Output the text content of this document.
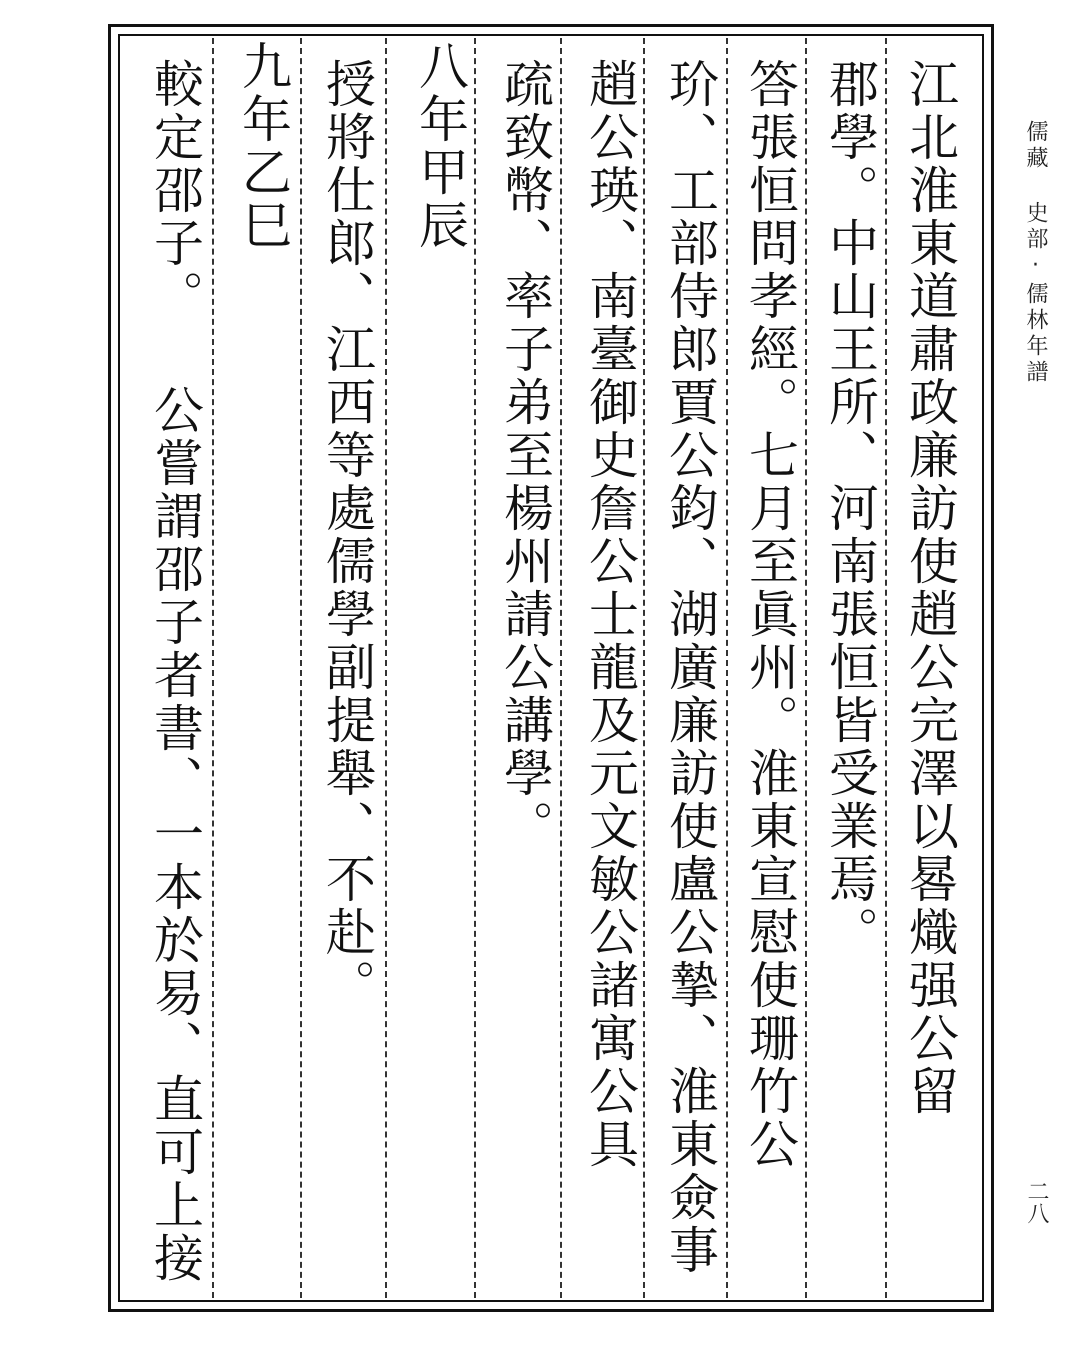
江北淮東道肅政廉訪使趙公完澤以晷熾强公留
郡學。中山王所、河南張恒皆受業焉。
答張恒問孝經。七月至眞州。淮東宣慰使珊竹公
玠、工部侍郎賈公鈞、湖廣廉訪使盧公摯、淮東僉事
趙公瑛、南臺御史詹公士龍及元文敏公諸寓公具
疏致幣、率子弟至楊州請公講學。
八年甲辰
授將仕郎、江西等處儒學副提舉、不赴。
九年乙巳
較定邵子。 公嘗謂邵子者書、一本於易、直可上接	儒藏 史部·儒林年譜
二八
